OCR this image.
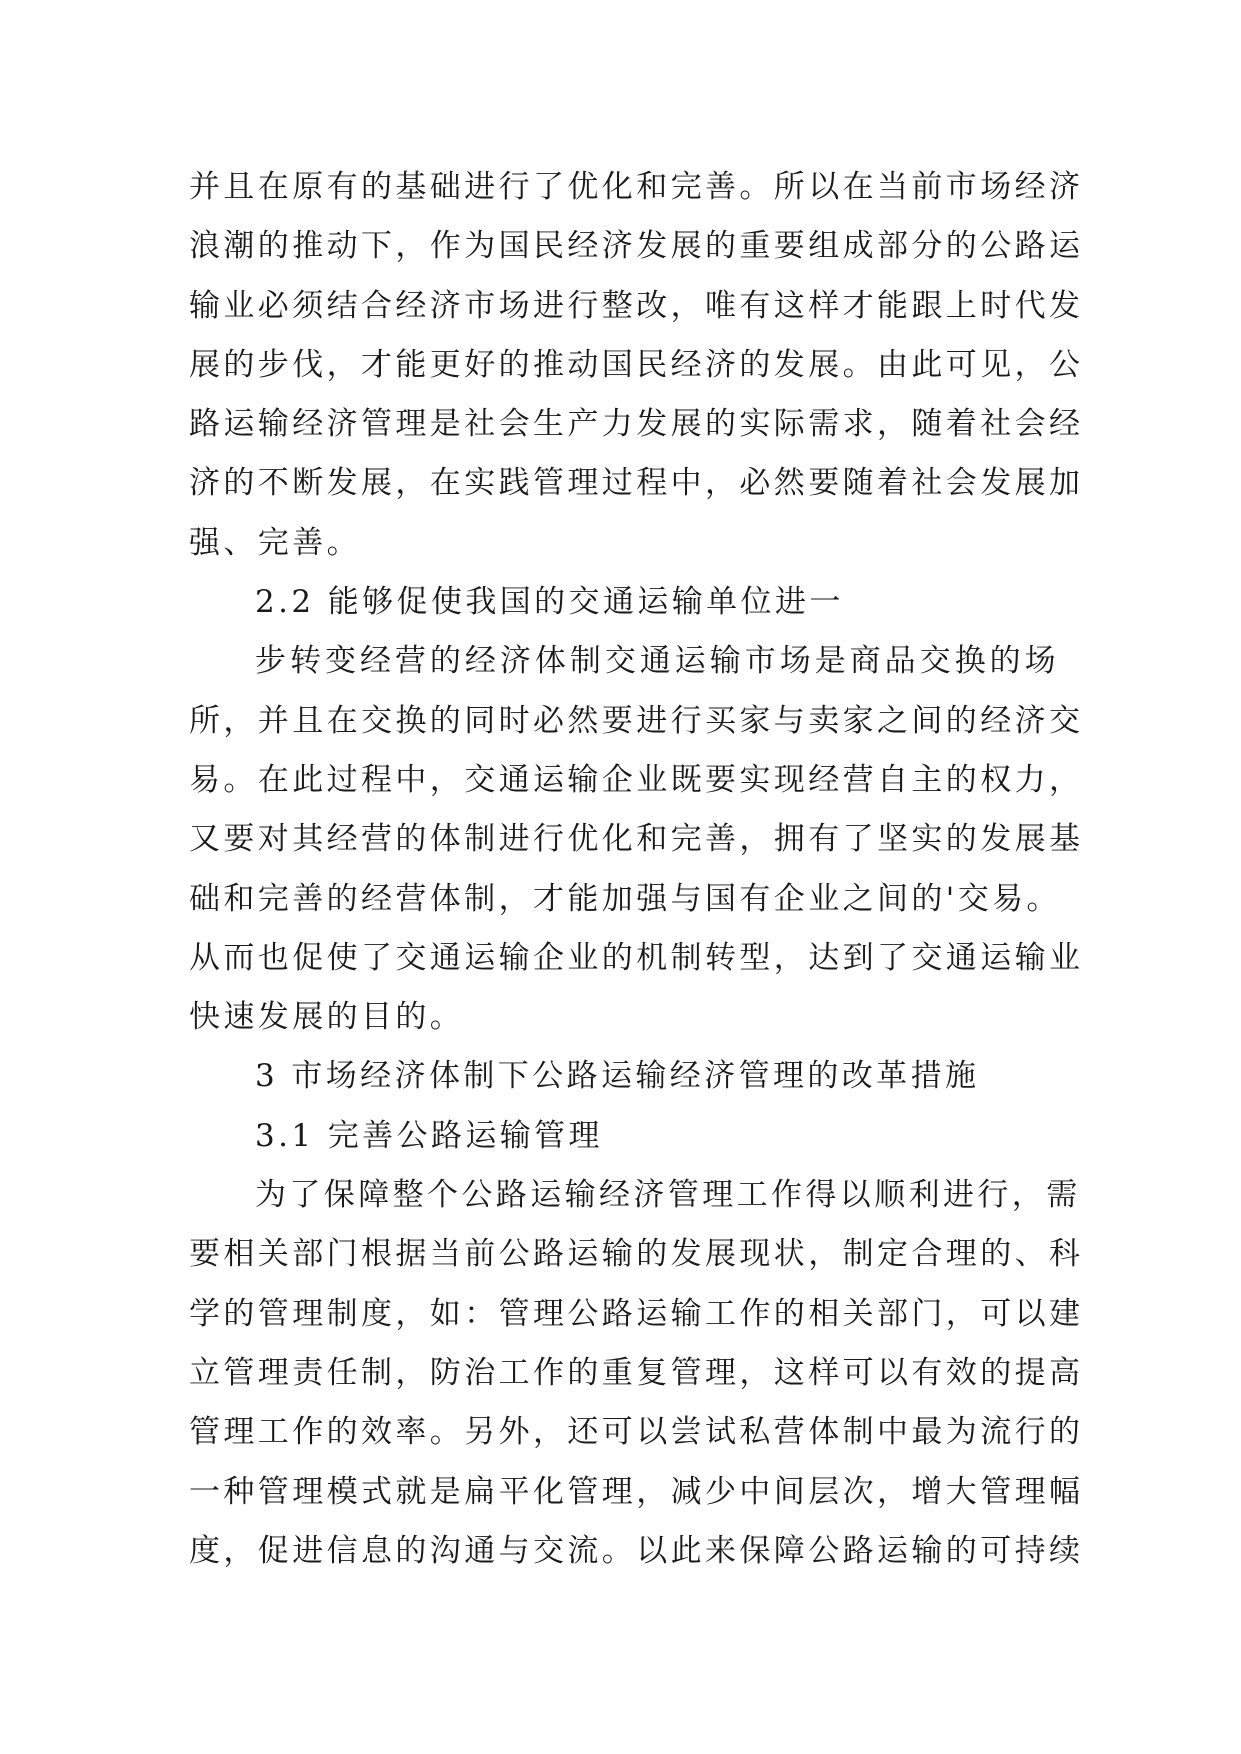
并且在原有的基础进行了优化和完善。所以在当前市场经济
浪潮的推动下，作为国民经济发展的重要组成部分的公路运
输业必须结合经济市场进行整改，唯有这样才能跟上时代发
展的步伐，才能更好的推动国民经济的发展。由此可见，公
路运输经济管理是社会生产力发展的实际需求，随着社会经
济的不断发展，在实践管理过程中，必然要随着社会发展加
强、完善。
2.2 能够促使我国的交通运输单位进一
步转变经营的经济体制交通运输市场是商品交换的场
所，并且在交换的同时必然要进行买家与卖家之间的经济交
易。在此过程中，交通运输企业既要实现经营自主的权力，
又要对其经营的体制进行优化和完善，拥有了坚实的发展基
础和完善的经营体制，才能加强与国有企业之间的'交易。
从而也促使了交通运输企业的机制转型，达到了交通运输业
快速发展的目的。
3 市场经济体制下公路运输经济管理的改革措施
3.1 完善公路运输管理
为了保障整个公路运输经济管理工作得以顺利进行，需
要相关部门根据当前公路运输的发展现状，制定合理的、科
学的管理制度，如：管理公路运输工作的相关部门，可以建
立管理责任制，防治工作的重复管理，这样可以有效的提高
管理工作的效率。另外，还可以尝试私营体制中最为流行的
一种管理模式就是扁平化管理，减少中间层次，增大管理幅
度，促进信息的沟通与交流。以此来保障公路运输的可持续
